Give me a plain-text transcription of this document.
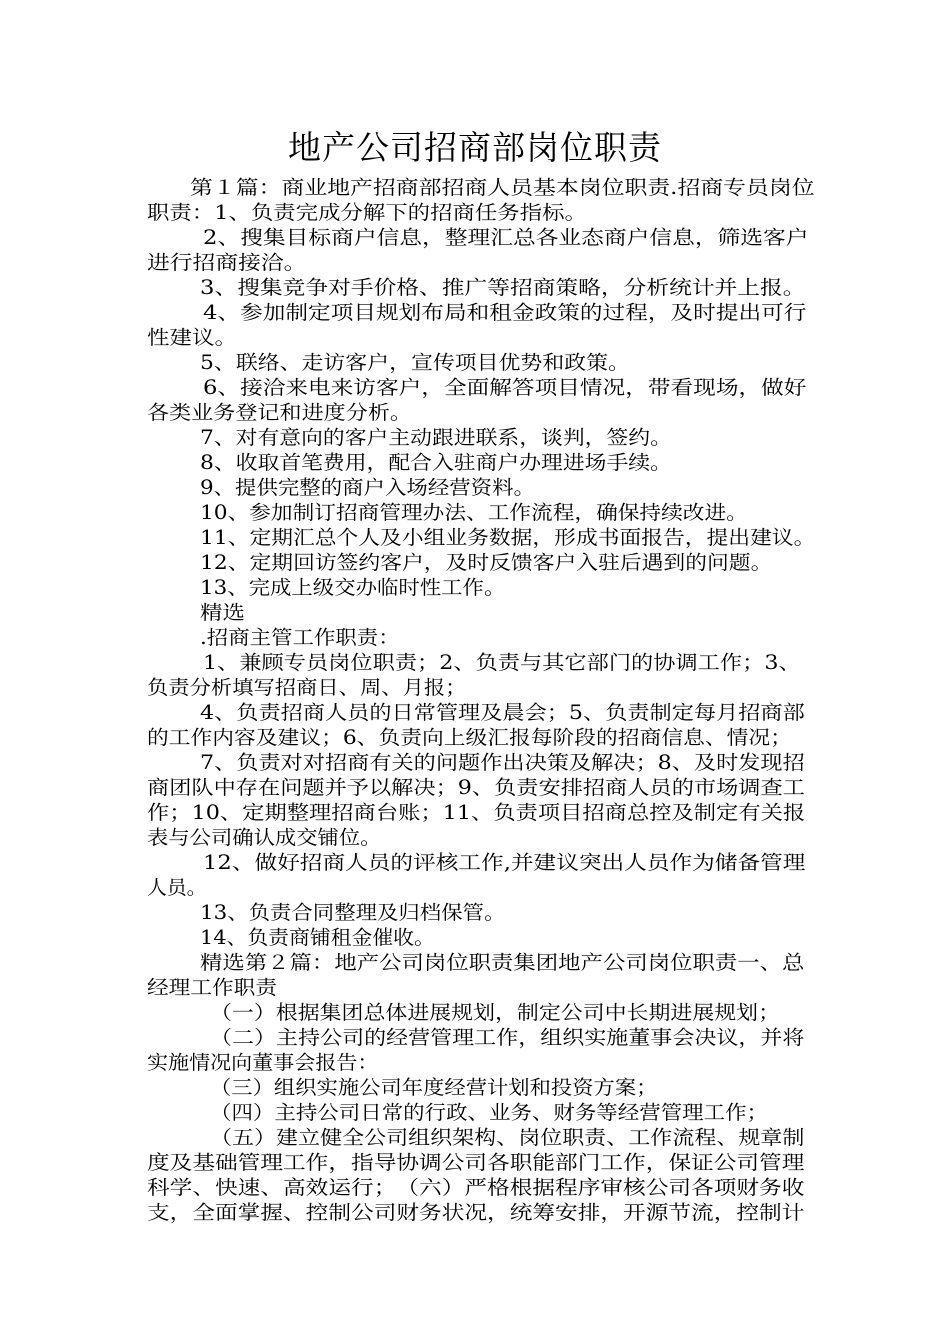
地产公司招商部岗位职责
第１篇：商业地产招商部招商人员基本岗位职责.招商专员岗位
职责：1、负责完成分解下的招商任务指标。
2、搜集目标商户信息，整理汇总各业态商户信息，筛选客户
进行招商接洽。
3、搜集竞争对手价格、推广等招商策略，分析统计并上报。
4、参加制定项目规划布局和租金政策的过程，及时提出可行
性建议。
5、联络、走访客户，宣传项目优势和政策。
6、接洽来电来访客户，全面解答项目情况，带看现场，做好
各类业务登记和进度分析。
7、对有意向的客户主动跟进联系，谈判，签约。
8、收取首笔费用，配合入驻商户办理进场手续。
9、提供完整的商户入场经营资料。
10、参加制订招商管理办法、工作流程，确保持续改进。
11、定期汇总个人及小组业务数据，形成书面报告，提出建议。
12、定期回访签约客户，及时反馈客户入驻后遇到的问题。
13、完成上级交办临时性工作。
精选
.招商主管工作职责：
1、兼顾专员岗位职责；2、负责与其它部门的协调工作；3、
负责分析填写招商日、周、月报；
4、负责招商人员的日常管理及晨会；5、负责制定每月招商部
的工作内容及建议；6、负责向上级汇报每阶段的招商信息、情况；
7、负责对对招商有关的问题作出决策及解决；8、及时发现招
商团队中存在问题并予以解决；9、负责安排招商人员的市场调查工
作；10、定期整理招商台账；11、负责项目招商总控及制定有关报
表与公司确认成交铺位。
12、做好招商人员的评核工作,并建议突出人员作为储备管理
人员。
13、负责合同整理及归档保管。
14、负责商铺租金催收。
精选第２篇：地产公司岗位职责集团地产公司岗位职责一、总
经理工作职责
（一）根据集团总体进展规划，制定公司中长期进展规划；
（二）主持公司的经营管理工作，组织实施董事会决议，并将
实施情况向董事会报告：
（三）组织实施公司年度经营计划和投资方案；
（四）主持公司日常的行政、业务、财务等经营管理工作；
（五）建立健全公司组织架构、岗位职责、工作流程、规章制
度及基础管理工作，指导协调公司各职能部门工作，保证公司管理
科学、快速、高效运行；　（六）严格根据程序审核公司各项财务收
支，全面掌握、控制公司财务状况，统筹安排，开源节流，控制计
